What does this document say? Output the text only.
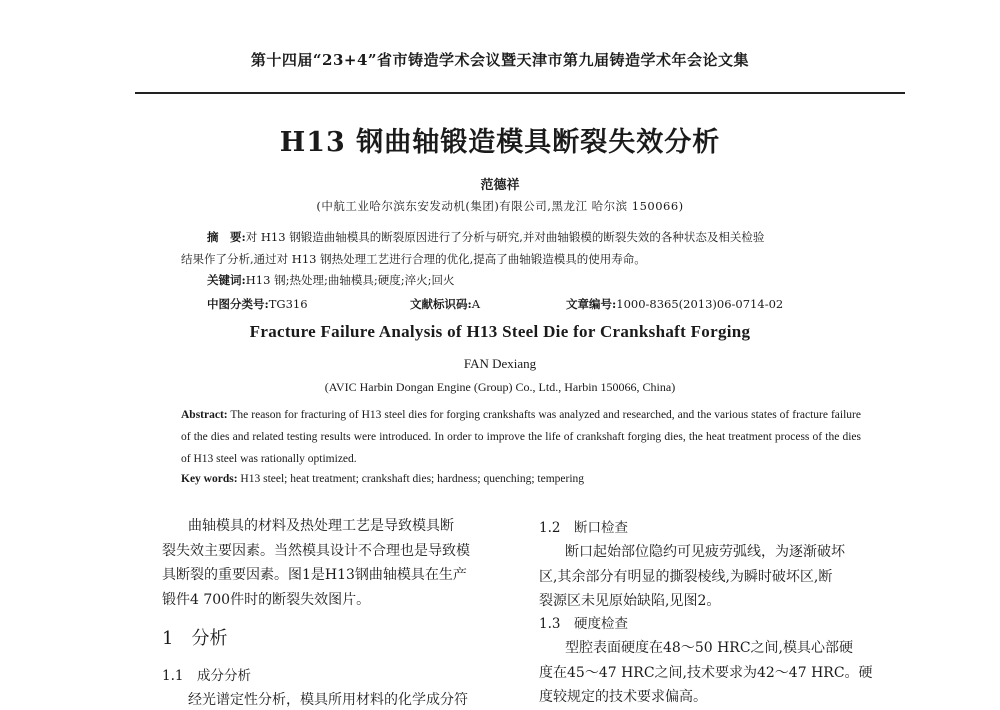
第十四届“23+4”省市铸造学术会议暨天津市第九届铸造学术年会论文集
H13 钢曲轴锻造模具断裂失效分析
范德祥
(中航工业哈尔滨东安发动机(集团)有限公司,黑龙江 哈尔滨 150066)
摘　要:对 H13 钢锻造曲轴模具的断裂原因进行了分析与研究,并对曲轴锻模的断裂失效的各种状态及相关检验
结果作了分析,通过对 H13 钢热处理工艺进行合理的优化,提高了曲轴锻造模具的使用寿命。
关键词:H13 钢;热处理;曲轴模具;硬度;淬火;回火
中图分类号:TG316	文献标识码:A	文章编号:1000-8365(2013)06-0714-02
Fracture Failure Analysis of H13 Steel Die for Crankshaft Forging
FAN Dexiang
(AVIC Harbin Dongan Engine (Group) Co., Ltd., Harbin 150066, China)
Abstract: The reason for fracturing of H13 steel dies for forging crankshafts was analyzed and researched, and the various states of fracture failure of the dies and related testing results were introduced. In order to improve the life of crankshaft forging dies, the heat treatment process of the dies of H13 steel was rationally optimized.
Key words: H13 steel; heat treatment; crankshaft dies; hardness; quenching; tempering
曲轴模具的材料及热处理工艺是导致模具断
裂失效主要因素。当然模具设计不合理也是导致模
具断裂的重要因素。图1是H13钢曲轴模具在生产
锻件4 700件时的断裂失效图片。
1　分析
1.1　成分分析
经光谱定性分析，模具所用材料的化学成分符
1.2　断口检查
断口起始部位隐约可见疲劳弧线，为逐渐破坏
区,其余部分有明显的撕裂棱线,为瞬时破坏区,断
裂源区未见原始缺陷,见图2。
1.3　硬度检查
型腔表面硬度在48～50 HRC之间,模具心部硬
度在45～47 HRC之间,技术要求为42～47 HRC。硬
度较规定的技术要求偏高。
